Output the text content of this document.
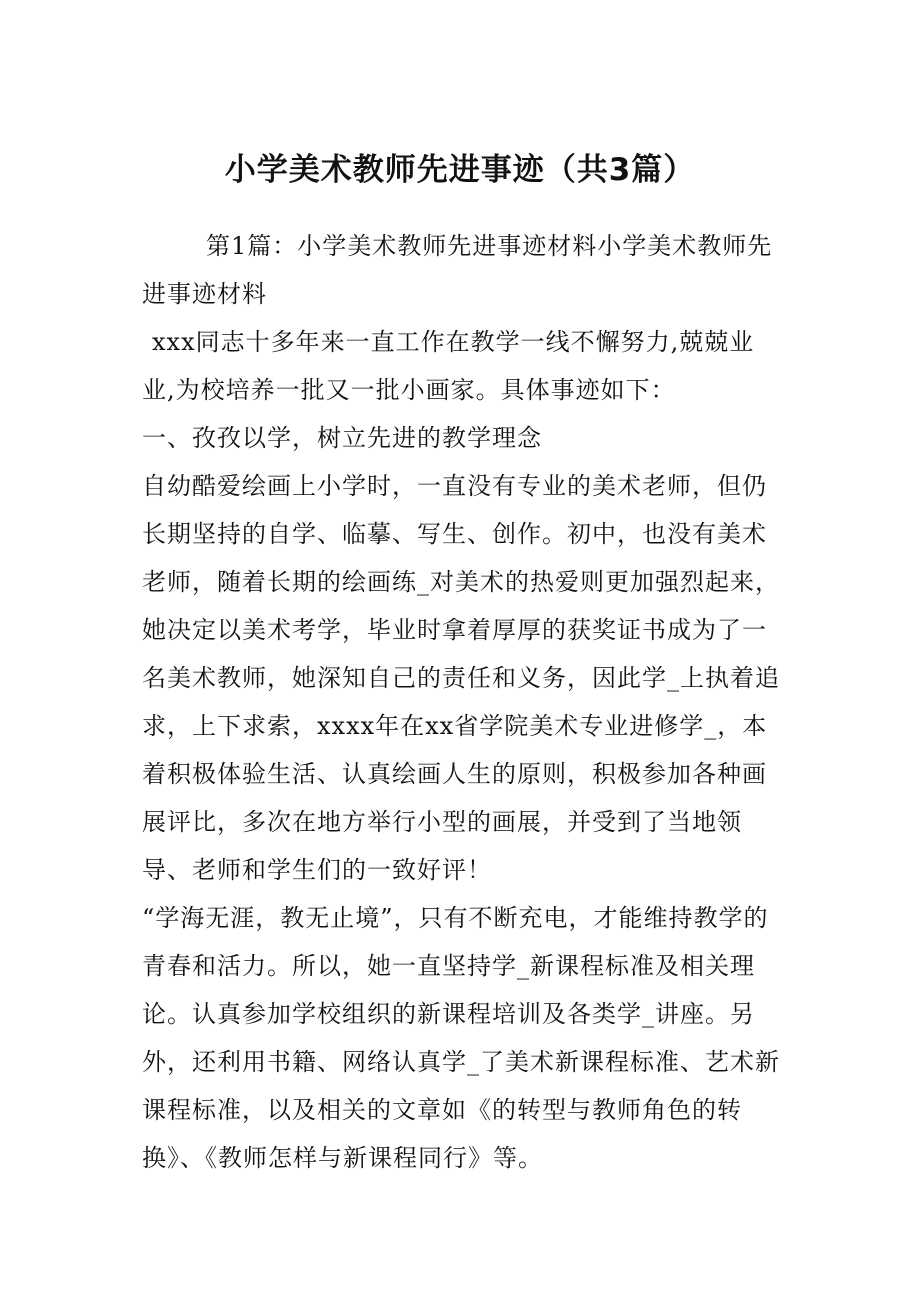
小学美术教师先进事迹（共3篇）

第1篇：小学美术教师先进事迹材料小学美术教师先进事迹材料

xxx同志十多年来一直工作在教学一线不懈努力,兢兢业业,为校培养一批又一批小画家。具体事迹如下：

一、孜孜以学，树立先进的教学理念

自幼酷爱绘画上小学时，一直没有专业的美术老师，但仍长期坚持的自学、临摹、写生、创作。初中，也没有美术老师，随着长期的绘画练_对美术的热爱则更加强烈起来，她决定以美术考学，毕业时拿着厚厚的获奖证书成为了一名美术教师，她深知自己的责任和义务，因此学_上执着追求，上下求索，xxxx年在xx省学院美术专业进修学_，本着积极体验生活、认真绘画人生的原则，积极参加各种画展评比，多次在地方举行小型的画展，并受到了当地领导、老师和学生们的一致好评！

“学海无涯，教无止境”，只有不断充电，才能维持教学的青春和活力。所以，她一直坚持学_新课程标准及相关理论。认真参加学校组织的新课程培训及各类学_讲座。另外，还利用书籍、网络认真学_了美术新课程标准、艺术新课程标准，以及相关的文章如《的转型与教师角色的转换》、《教师怎样与新课程同行》等。
